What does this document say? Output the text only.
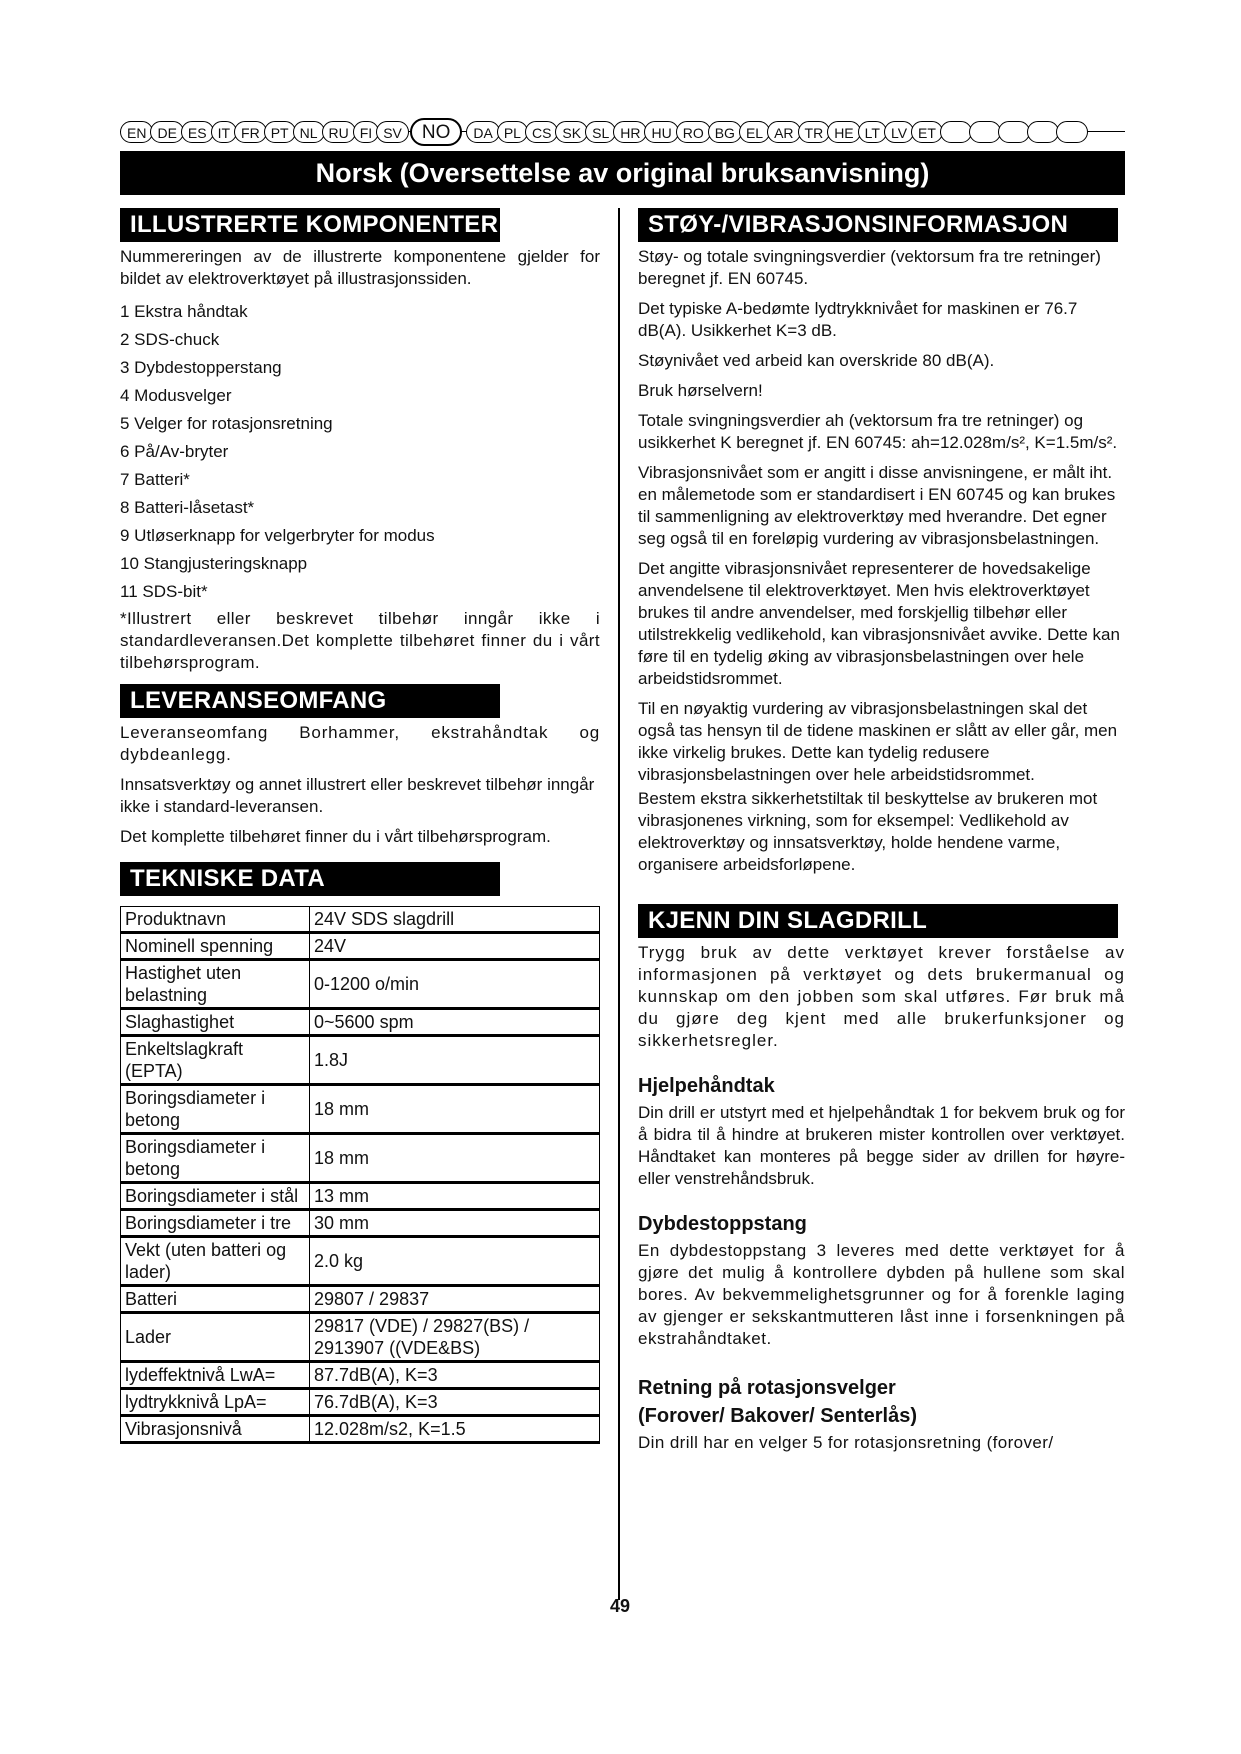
EN DE ES IT FR PT NL RU FI SV	NO	DA PL CS SK SL HR HU RO BG EL AR TR HE LT LV ET
Norsk (Oversettelse av original bruksanvisning)
ILLUSTRERTE KOMPONENTER

Nummereringen av de illustrerte komponentene gjelder for bildet av elektroverktøyet på illustrasjonssiden.

1 Ekstra håndtak
2 SDS-chuck
3 Dybdestopperstang
4 Modusvelger
5 Velger for rotasjonsretning
6 På/Av-bryter
7 Batteri*
8 Batteri-låsetast*
9 Utløserknapp for velgerbryter for modus
10 Stangjusteringsknapp
11 SDS-bit*

*Illustrert eller beskrevet tilbehør inngår ikke i standardleveransen.Det komplette tilbehøret finner du i vårt tilbehørsprogram.

LEVERANSEOMFANG

Leveranseomfang Borhammer, ekstrahåndtak og dybdeanlegg.

Innsatsverktøy og annet illustrert eller beskrevet tilbehør inngår ikke i standard-leveransen.

Det komplette tilbehøret finner du i vårt tilbehørsprogram.

TEKNISKE DATA
Produktnavn	24V SDS slagdrill
Nominell spenning	24V
Hastighet uten belastning	0-1200 o/min
Slaghastighet	0~5600 spm
Enkeltslagkraft (EPTA)	1.8J
Boringsdiameter i betong	18 mm
Boringsdiameter i betong	18 mm
Boringsdiameter i stål	13 mm
Boringsdiameter i tre	30 mm
Vekt (uten batteri og lader)	2.0 kg
Batteri	29807 / 29837
Lader	29817 (VDE) / 29827(BS) / 2913907 ((VDE&BS)
lydeffektnivå LwA=	87.7dB(A), K=3
lydtrykknivå LpA=	76.7dB(A), K=3
Vibrasjonsnivå	12.028m/s2, K=1.5
STØY-/VIBRASJONSINFORMASJON

Støy- og totale svingningsverdier (vektorsum fra tre retninger) beregnet jf. EN 60745.

Det typiske A-bedømte lydtrykknivået for maskinen er 76.7 dB(A). Usikkerhet K=3 dB.

Støynivået ved arbeid kan overskride 80 dB(A).

Bruk hørselvern!

Totale svingningsverdier ah (vektorsum fra tre retninger) og usikkerhet K beregnet jf. EN 60745: ah=12.028m/s², K=1.5m/s².

Vibrasjonsnivået som er angitt i disse anvisningene, er målt iht. en målemetode som er standardisert i EN 60745 og kan brukes til sammenligning av elektroverktøy med hverandre. Det egner seg også til en foreløpig vurdering av vibrasjonsbelastningen.

Det angitte vibrasjonsnivået representerer de hovedsakelige anvendelsene til elektroverktøyet. Men hvis elektroverktøyet brukes til andre anvendelser, med forskjellig tilbehør eller utilstrekkelig vedlikehold, kan vibrasjonsnivået avvike. Dette kan føre til en tydelig øking av vibrasjonsbelastningen over hele arbeidstidsrommet.

Til en nøyaktig vurdering av vibrasjonsbelastningen skal det også tas hensyn til de tidene maskinen er slått av eller går, men ikke virkelig brukes. Dette kan tydelig redusere vibrasjonsbelastningen over hele arbeidstidsrommet.

Bestem ekstra sikkerhetstiltak til beskyttelse av brukeren mot vibrasjonenes virkning, som for eksempel: Vedlikehold av elektroverktøy og innsatsverktøy, holde hendene varme, organisere arbeidsforløpene.

KJENN DIN SLAGDRILL

Trygg bruk av dette verktøyet krever forståelse av informasjonen på verktøyet og dets brukermanual og kunnskap om den jobben som skal utføres. Før bruk må du gjøre deg kjent med alle brukerfunksjoner og sikkerhetsregler.

Hjelpehåndtak

Din drill er utstyrt med et hjelpehåndtak 1 for bekvem bruk og for å bidra til å hindre at brukeren mister kontrollen over verktøyet. Håndtaket kan monteres på begge sider av drillen for høyre- eller venstrehåndsbruk.

Dybdestoppstang

En dybdestoppstang 3 leveres med dette verktøyet for å gjøre det mulig å kontrollere dybden på hullene som skal bores. Av bekvemmelighetsgrunner og for å forenkle laging av gjenger er sekskantmutteren låst inne i forsenkningen på ekstrahåndtaket.

Retning på rotasjonsvelger (Forover/ Bakover/ Senterlås)

Din drill har en velger 5 for rotasjonsretning (forover/

49
